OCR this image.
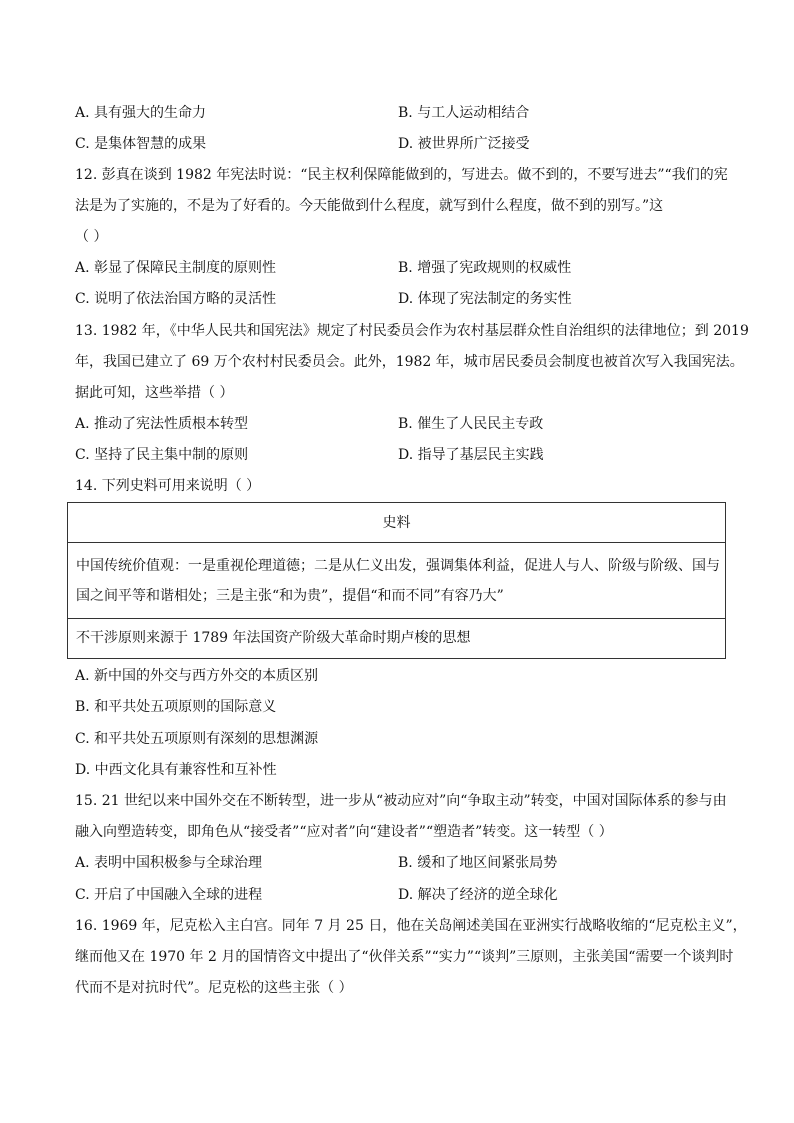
A. 具有强大的生命力	B. 与工人运动相结合
C. 是集体智慧的成果	D. 被世界所广泛接受
12. 彭真在谈到 1982 年宪法时说：“民主权利保障能做到的，写进去。做不到的，不要写进去”“我们的宪
法是为了实施的，不是为了好看的。今天能做到什么程度，就写到什么程度，做不到的别写。”这
（ ）
A. 彰显了保障民主制度的原则性	B. 增强了宪政规则的权威性
C. 说明了依法治国方略的灵活性	D. 体现了宪法制定的务实性
13. 1982 年，《中华人民共和国宪法》规定了村民委员会作为农村基层群众性自治组织的法律地位；到 2019
年，我国已建立了 69 万个农村村民委员会。此外，1982 年，城市居民委员会制度也被首次写入我国宪法。
据此可知，这些举措（ ）
A. 推动了宪法性质根本转型	B. 催生了人民民主专政
C. 坚持了民主集中制的原则	D. 指导了基层民主实践
14. 下列史料可用来说明（ ）
史料
中国传统价值观：一是重视伦理道德；二是从仁义出发，强调集体利益，促进人与人、阶级与阶级、国与
国之间平等和谐相处；三是主张“和为贵”，提倡“和而不同”有容乃大”
不干涉原则来源于 1789 年法国资产阶级大革命时期卢梭的思想
A. 新中国的外交与西方外交的本质区别
B. 和平共处五项原则的国际意义
C. 和平共处五项原则有深刻的思想渊源
D. 中西文化具有兼容性和互补性
15. 21 世纪以来中国外交在不断转型，进一步从“被动应对”向“争取主动”转变，中国对国际体系的参与由
融入向塑造转变，即角色从“接受者”“应对者”向“建设者”“塑造者”转变。这一转型（ ）
A. 表明中国积极参与全球治理	B. 缓和了地区间紧张局势
C. 开启了中国融入全球的进程	D. 解决了经济的逆全球化
16. 1969 年，尼克松入主白宫。同年 7 月 25 日，他在关岛阐述美国在亚洲实行战略收缩的“尼克松主义”，
继而他又在 1970 年 2 月的国情咨文中提出了“伙伴关系”“实力”“谈判”三原则，主张美国“需要一个谈判时
代而不是对抗时代”。尼克松的这些主张（ ）
